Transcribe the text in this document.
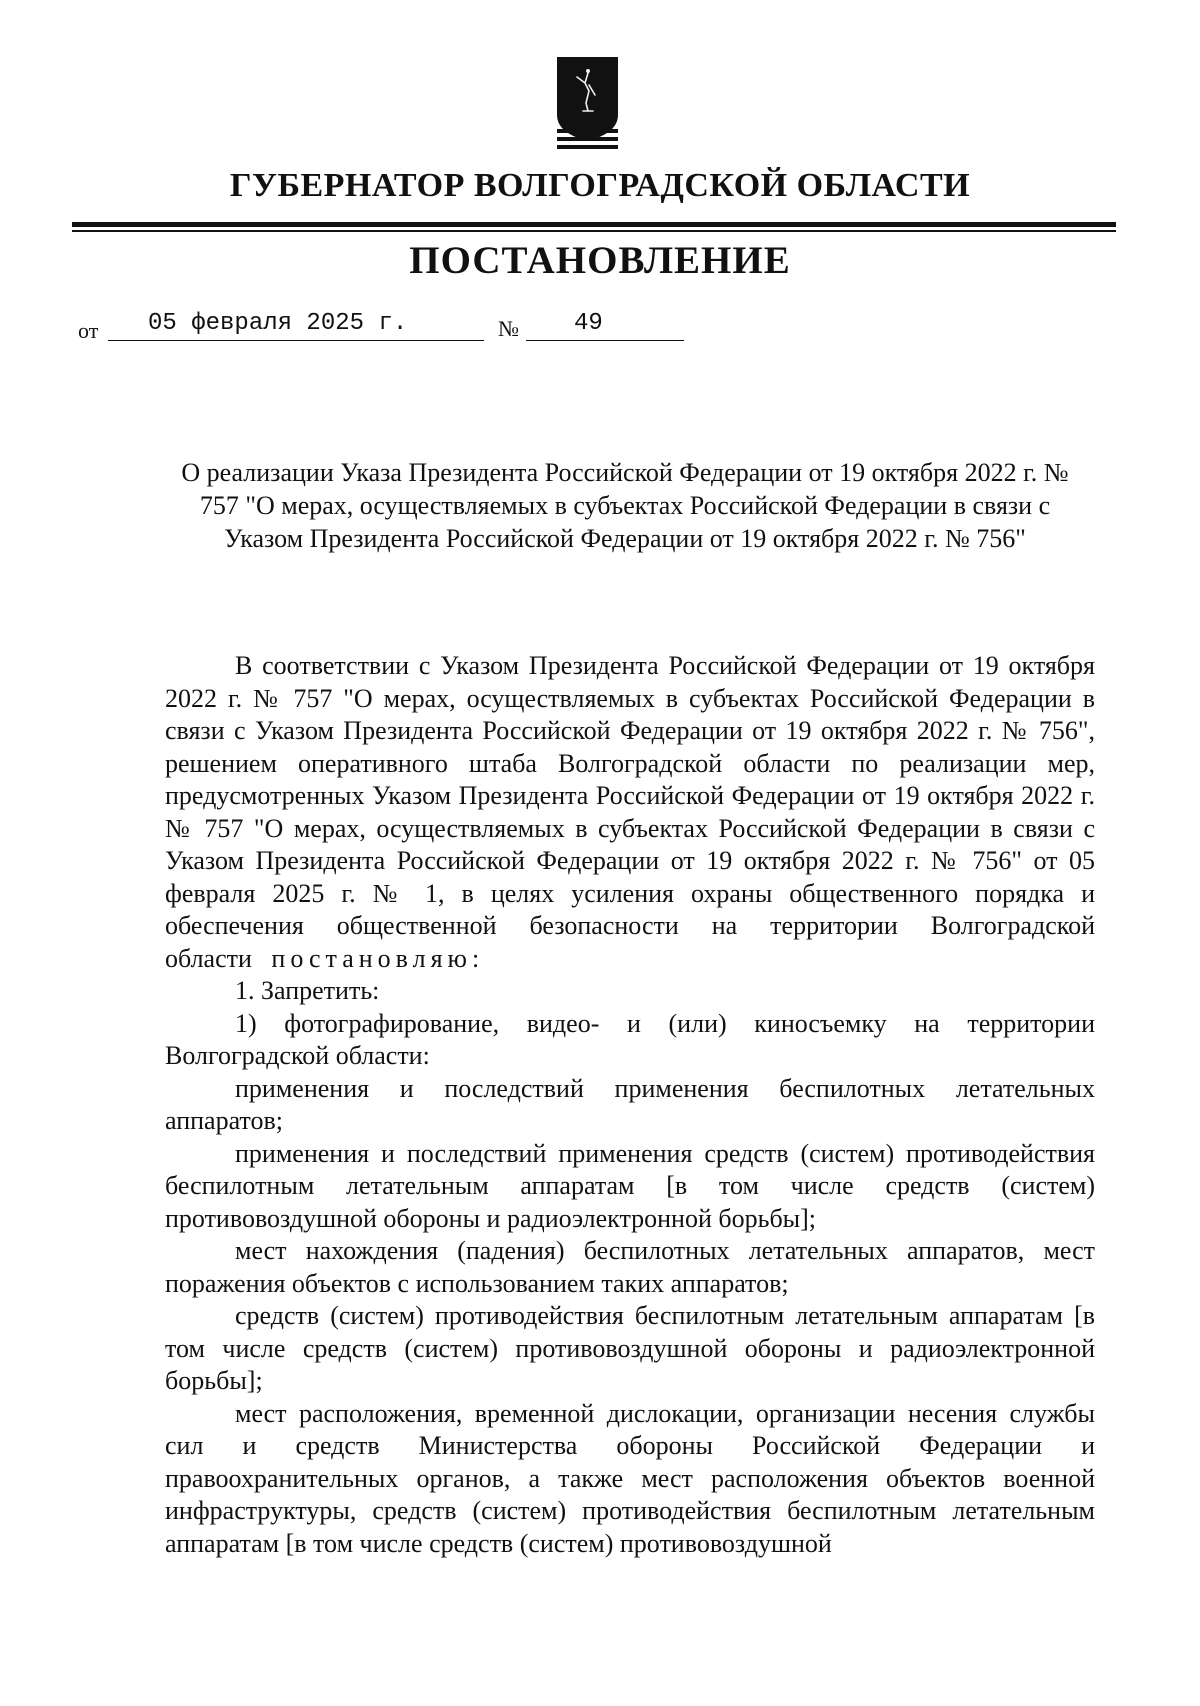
ГУБЕРНАТОР ВОЛГОГРАДСКОЙ ОБЛАСТИ
ПОСТАНОВЛЕНИЕ
от	05 февраля 2025 г.	№	49
О реализации Указа Президента Российской Федерации от 19 октября 2022 г. № 757 "О мерах, осуществляемых в субъектах Российской Федерации в связи с Указом Президента Российской Федерации от 19 октября 2022 г. № 756"

В соответствии с Указом Президента Российской Федерации от 19 октября 2022 г. № 757 "О мерах, осуществляемых в субъектах Российской Федерации в связи с Указом Президента Российской Федерации от 19 октября 2022 г. № 756", решением оперативного штаба Волгоградской области по реализации мер, предусмотренных Указом Президента Российской Федерации от 19 октября 2022 г. № 757 "О мерах, осуществляемых в субъектах Российской Федерации в связи с Указом Президента Российской Федерации от 19 октября 2022 г. № 756" от 05 февраля 2025 г. № 1, в целях усиления охраны общественного порядка и обеспечения общественной безопасности на территории Волгоградской области постановляю:

1. Запретить:

1) фотографирование, видео- и (или) киносъемку на территории Волгоградской области:

применения и последствий применения беспилотных летательных аппаратов;

применения и последствий применения средств (систем) противодействия беспилотным летательным аппаратам [в том числе средств (систем) противовоздушной обороны и радиоэлектронной борьбы];

мест нахождения (падения) беспилотных летательных аппаратов, мест поражения объектов с использованием таких аппаратов;

средств (систем) противодействия беспилотным летательным аппаратам [в том числе средств (систем) противовоздушной обороны и радиоэлектронной борьбы];

мест расположения, временной дислокации, организации несения службы сил и средств Министерства обороны Российской Федерации и правоохранительных органов, а также мест расположения объектов военной инфраструктуры, средств (систем) противодействия беспилотным летательным аппаратам [в том числе средств (систем) противовоздушной
